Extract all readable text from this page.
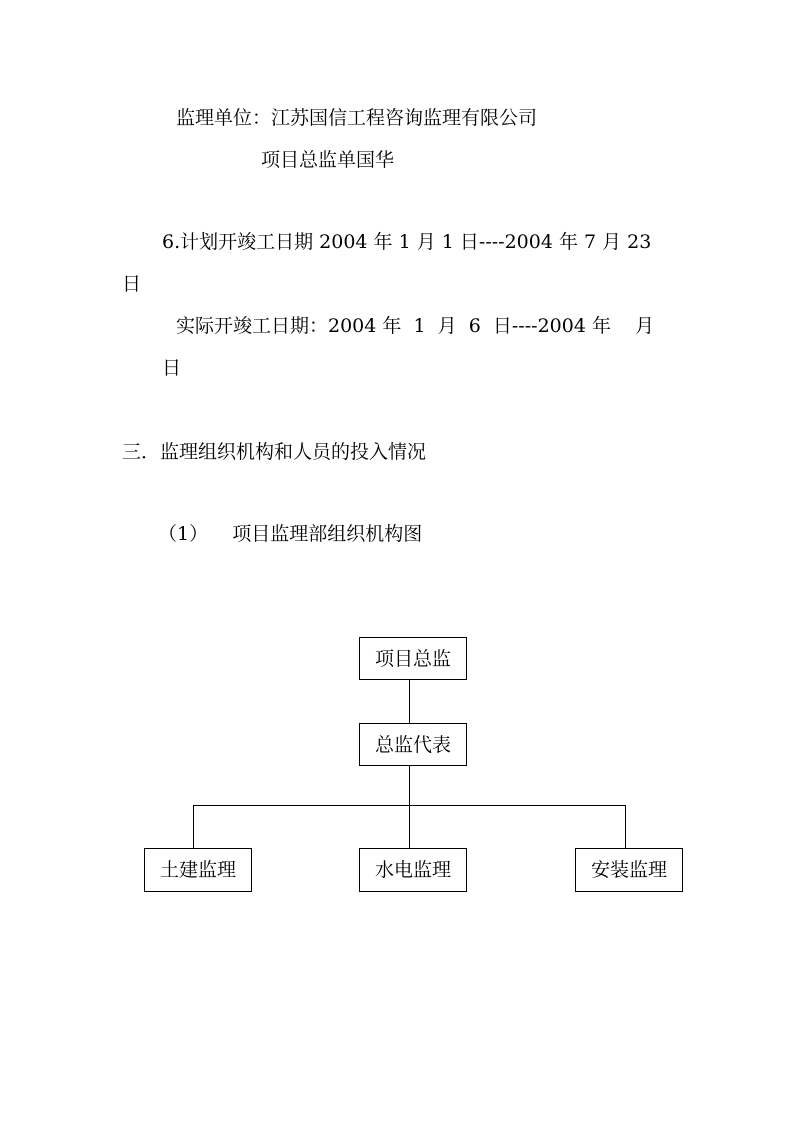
监理单位：江苏国信工程咨询监理有限公司
项目总监单国华
6.计划开竣工日期 2004 年 1 月 1 日----2004 年 7 月 23
日
实际开竣工日期：2004 年  1  月  6  日----2004 年    月
日
三．监理组织机构和人员的投入情况
（1）    项目监理部组织机构图
项目总监
总监代表
土建监理	水电监理	安装监理
